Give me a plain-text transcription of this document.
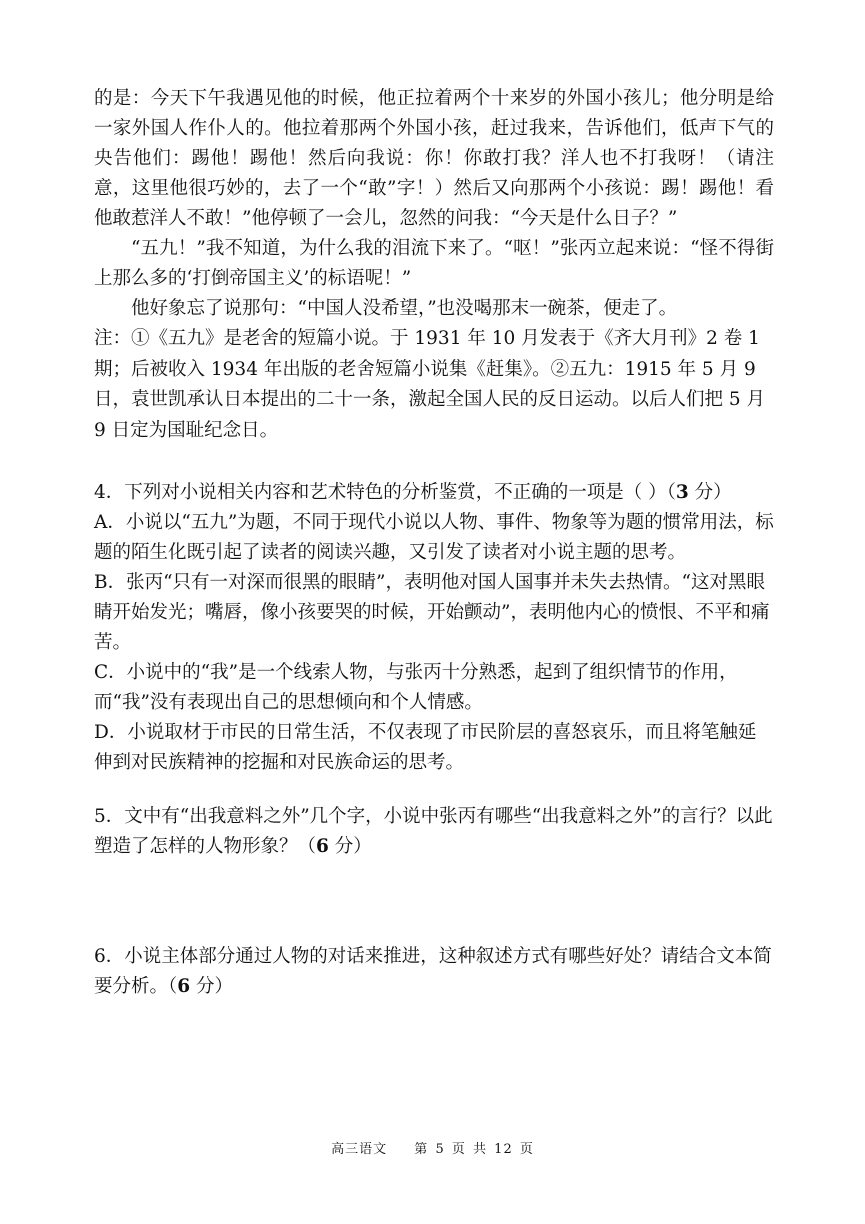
的是：今天下午我遇见他的时候，他正拉着两个十来岁的外国小孩儿；他分明是给一家外国人作仆人的。他拉着那两个外国小孩，赶过我来，告诉他们，低声下气的央告他们：踢他！踢他！然后向我说：你！你敢打我？洋人也不打我呀！（请注意，这里他很巧妙的，去了一个“敢”字！）然后又向那两个小孩说：踢！踢他！看他敢惹洋人不敢！”他停顿了一会儿，忽然的问我：“今天是什么日子？”

“五九！”我不知道，为什么我的泪流下来了。“呕！”张丙立起来说：“怪不得街上那么多的‘打倒帝国主义’的标语呢！”

他好象忘了说那句：“中国人没希望，”也没喝那末一碗茶，便走了。

注：①《五九》是老舍的短篇小说。于 1931 年 10 月发表于《齐大月刊》2 卷 1 期；后被收入 1934 年出版的老舍短篇小说集《赶集》。②五九：1915 年 5 月 9 日，袁世凯承认日本提出的二十一条，激起全国人民的反日运动。以后人们把 5 月 9 日定为国耻纪念日。

4．下列对小说相关内容和艺术特色的分析鉴赏，不正确的一项是（ ）（3 分）

A．小说以“五九”为题，不同于现代小说以人物、事件、物象等为题的惯常用法，标题的陌生化既引起了读者的阅读兴趣，又引发了读者对小说主题的思考。

B．张丙“只有一对深而很黑的眼睛”，表明他对国人国事并未失去热情。“这对黑眼睛开始发光；嘴唇，像小孩要哭的时候，开始颤动”，表明他内心的愤恨、不平和痛苦。

C．小说中的“我”是一个线索人物，与张丙十分熟悉，起到了组织情节的作用，而“我”没有表现出自己的思想倾向和个人情感。

D．小说取材于市民的日常生活，不仅表现了市民阶层的喜怒哀乐，而且将笔触延伸到对民族精神的挖掘和对民族命运的思考。

5．文中有“出我意料之外”几个字，小说中张丙有哪些“出我意料之外”的言行？以此塑造了怎样的人物形象？（6 分）

6．小说主体部分通过人物的对话来推进，这种叙述方式有哪些好处？请结合文本简要分析。（6 分）

高三语文 第 5 页 共 12 页
